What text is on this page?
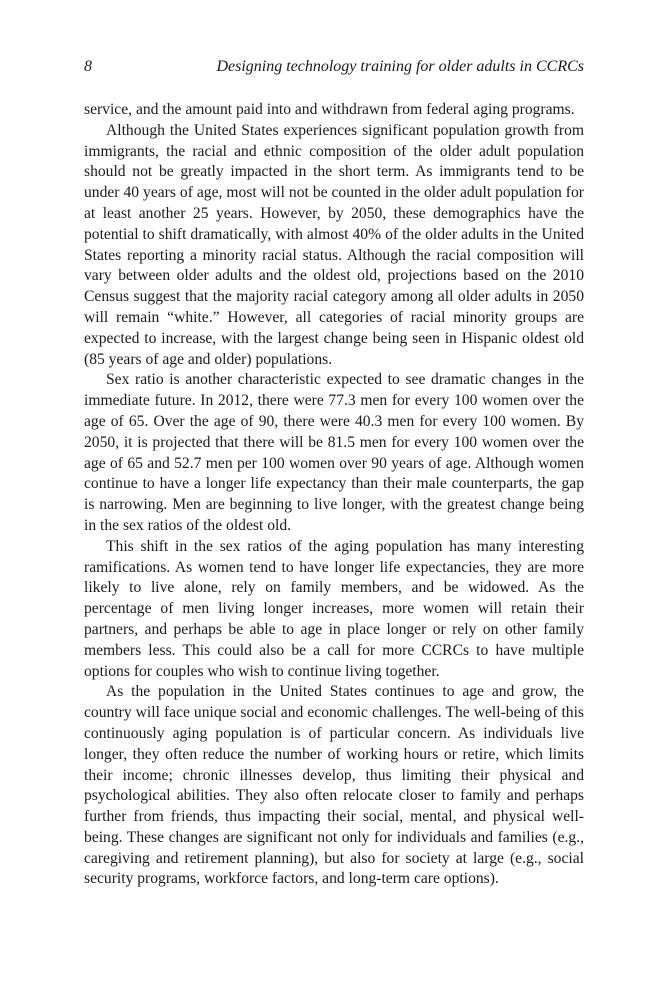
8	Designing technology training for older adults in CCRCs

service, and the amount paid into and withdrawn from federal aging programs.

Although the United States experiences significant population growth from immigrants, the racial and ethnic composition of the older adult population should not be greatly impacted in the short term. As immigrants tend to be under 40 years of age, most will not be counted in the older adult population for at least another 25 years. However, by 2050, these demographics have the potential to shift dramatically, with almost 40% of the older adults in the United States reporting a minority racial status. Although the racial composition will vary between older adults and the oldest old, projections based on the 2010 Census suggest that the majority racial category among all older adults in 2050 will remain “white.” However, all categories of racial minority groups are expected to increase, with the largest change being seen in Hispanic oldest old (85 years of age and older) populations.

Sex ratio is another characteristic expected to see dramatic changes in the immediate future. In 2012, there were 77.3 men for every 100 women over the age of 65. Over the age of 90, there were 40.3 men for every 100 women. By 2050, it is projected that there will be 81.5 men for every 100 women over the age of 65 and 52.7 men per 100 women over 90 years of age. Although women continue to have a longer life expectancy than their male counterparts, the gap is narrowing. Men are beginning to live longer, with the greatest change being in the sex ratios of the oldest old.

This shift in the sex ratios of the aging population has many interesting ramifications. As women tend to have longer life expectancies, they are more likely to live alone, rely on family members, and be widowed. As the percentage of men living longer increases, more women will retain their partners, and perhaps be able to age in place longer or rely on other family members less. This could also be a call for more CCRCs to have multiple options for couples who wish to continue living together.

As the population in the United States continues to age and grow, the country will face unique social and economic challenges. The well-being of this continuously aging population is of particular concern. As individuals live longer, they often reduce the number of working hours or retire, which limits their income; chronic illnesses develop, thus limiting their physical and psychological abilities. They also often relocate closer to family and perhaps further from friends, thus impacting their social, mental, and physical well-being. These changes are significant not only for individuals and families (e.g., caregiving and retirement planning), but also for society at large (e.g., social security programs, workforce factors, and long-term care options).
